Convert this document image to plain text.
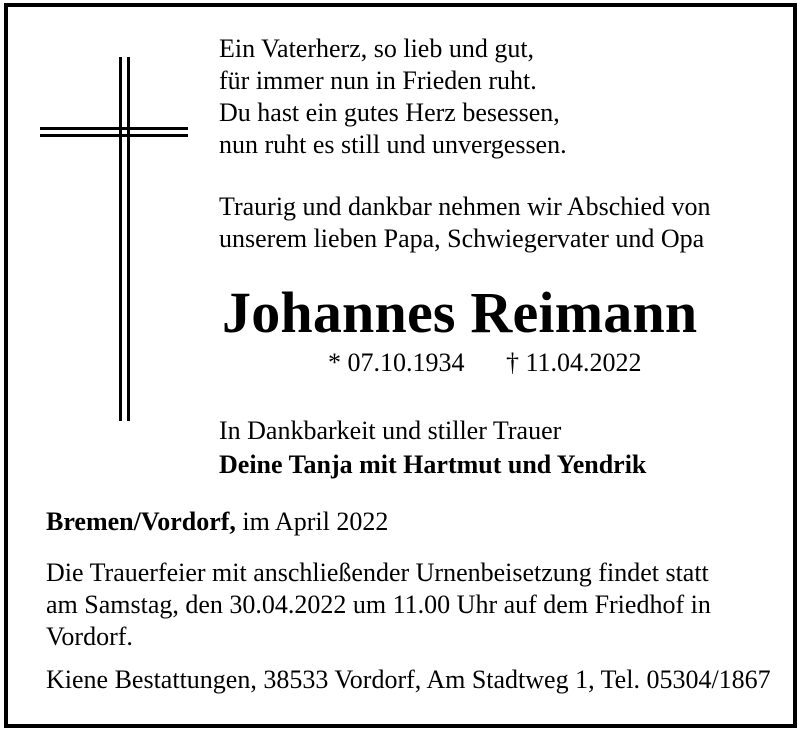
Ein Vaterherz, so lieb und gut,
für immer nun in Frieden ruht.
Du hast ein gutes Herz besessen,
nun ruht es still und unvergessen.
Traurig und dankbar nehmen wir Abschied von
unserem lieben Papa, Schwiegervater und Opa
Johannes Reimann
* 07.10.1934 † 11.04.2022
In Dankbarkeit und stiller Trauer
Deine Tanja mit Hartmut und Yendrik
Bremen/Vordorf, im April 2022
Die Trauerfeier mit anschließender Urnenbeisetzung findet statt
am Samstag, den 30.04.2022 um 11.00 Uhr auf dem Friedhof in
Vordorf.
Kiene Bestattungen, 38533 Vordorf, Am Stadtweg 1, Tel. 05304/1867
